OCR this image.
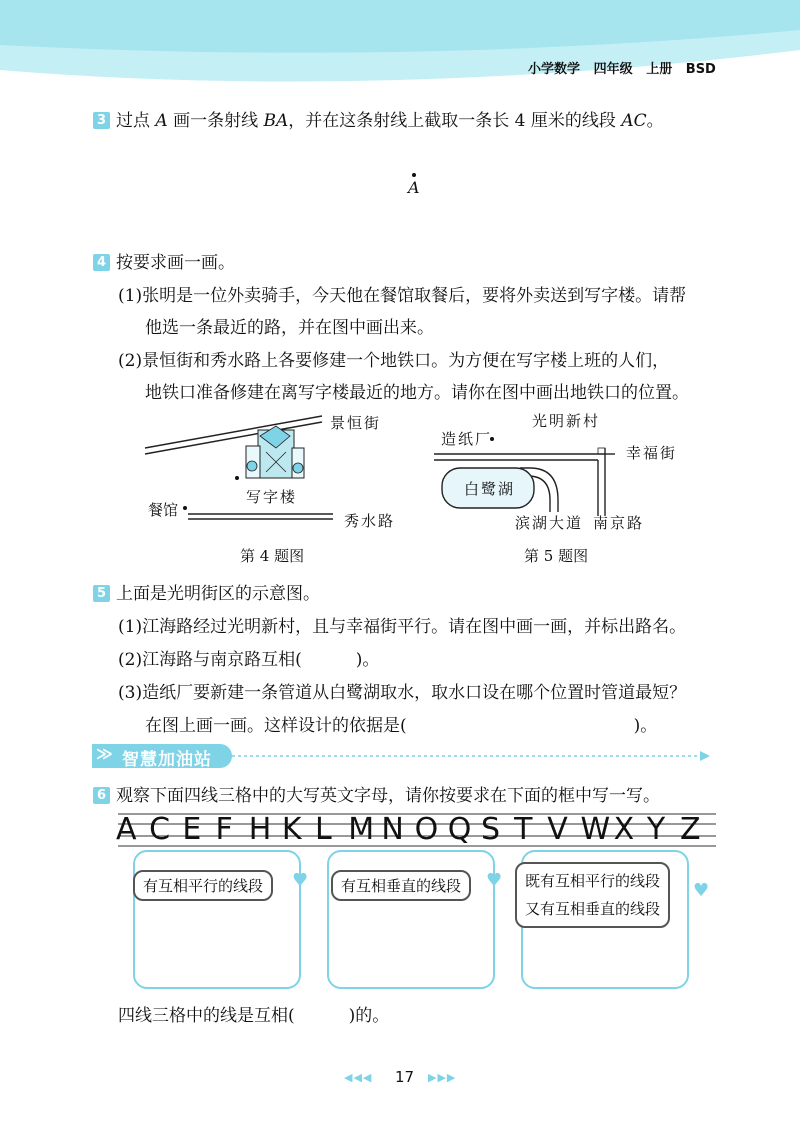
小学数学 四年级 上册 BSD
3 过点 A 画一条射线 BA，并在这条射线上截取一条长 4 厘米的线段 AC。
A
4 按要求画一画。
(1)张明是一位外卖骑手，今天他在餐馆取餐后，要将外卖送到写字楼。请帮
他选一条最近的路，并在图中画出来。
(2)景恒街和秀水路上各要修建一个地铁口。为方便在写字楼上班的人们，
地铁口准备修建在离写字楼最近的地方。请你在图中画出地铁口的位置。
景恒街
写字楼
餐馆
秀水路
第 4 题图
光明新村
造纸厂
幸福街
白鹭湖
滨湖大道 南京路
第 5 题图
5 上面是光明街区的示意图。
(1)江海路经过光明新村，且与幸福街平行。请在图中画一画，并标出路名。
(2)江海路与南京路互相(          )。
(3)造纸厂要新建一条管道从白鹭湖取水，取水口设在哪个位置时管道最短？
在图上画一画。这样设计的依据是(                                          )。
≫ 智慧加油站
6 观察下面四线三格中的大写英文字母，请你按要求在下面的框中写一写。
A C E F H K L M N O Q S T V W X Y Z
有互相平行的线段	♥	有互相垂直的线段	♥ 既有互相平行的线段
又有互相垂直的线段
♥
四线三格中的线是互相(          )的。
◀◀◀ 17 ▶▶▶
